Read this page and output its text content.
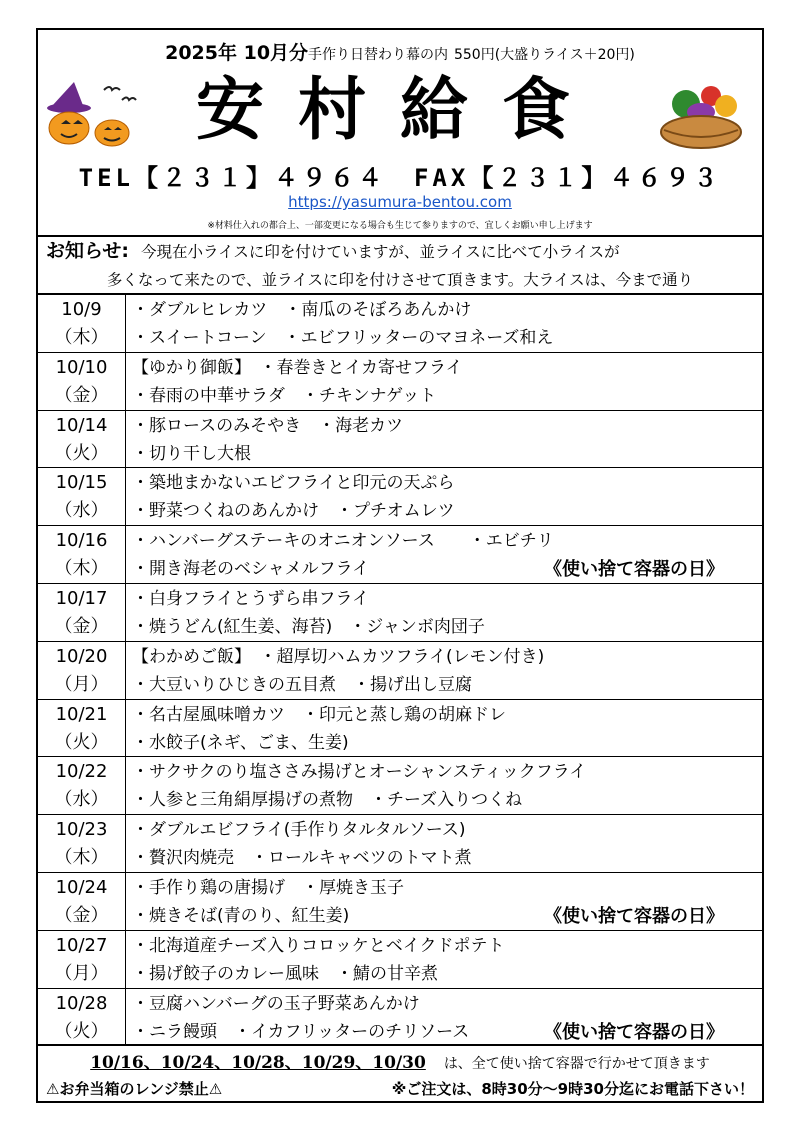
2025年 10月分手作り日替わり幕の内 550円(大盛りライス＋20円)
安村給食
TEL【２３１】４９６４　FAX【２３１】４６９３
https://yasumura-bentou.com
※材料仕入れの都合上、一部変更になる場合も生じて参りますので、宜しくお願い申し上げます
お知らせ: 今現在小ライスに印を付けていますが、並ライスに比べて小ライスが
多くなって来たので、並ライスに印を付けさせて頂きます。大ライスは、今まで通り
10/9
（木）
・ダブルヒレカツ　・南瓜のそぼろあんかけ
・スイートコーン　・エビフリッターのマヨネーズ和え
10/10
（金）
【ゆかり御飯】　・春巻きとイカ寄せフライ
・春雨の中華サラダ　・チキンナゲット
10/14
（火）
・豚ロースのみそやき　・海老カツ
・切り干し大根
10/15
（水）
・築地まかないエビフライと印元の天ぷら
・野菜つくねのあんかけ　・プチオムレツ
10/16
（木）
・ハンバーグステーキのオニオンソース　　・エビチリ
・開き海老のベシャメルフライ	《使い捨て容器の日》
10/17
（金）
・白身フライとうずら串フライ
・焼うどん(紅生姜、海苔)　・ジャンボ肉団子
10/20
（月）
【わかめご飯】　・超厚切ハムカツフライ(レモン付き)
・大豆いりひじきの五目煮　・揚げ出し豆腐
10/21
（火）
・名古屋風味噌カツ　・印元と蒸し鶏の胡麻ドレ
・水餃子(ネギ、ごま、生姜)
10/22
（水）
・サクサクのり塩ささみ揚げとオーシャンスティックフライ
・人参と三角絹厚揚げの煮物　・チーズ入りつくね
10/23
（木）
・ダブルエビフライ(手作りタルタルソース)
・贅沢肉焼売　・ロールキャベツのトマト煮
10/24
（金）
・手作り鶏の唐揚げ　・厚焼き玉子
・焼きそば(青のり、紅生姜)	《使い捨て容器の日》
10/27
（月）
・北海道産チーズ入りコロッケとベイクドポテト
・揚げ餃子のカレー風味　・鯖の甘辛煮
10/28
（火）
・豆腐ハンバーグの玉子野菜あんかけ
・ニラ饅頭　・イカフリッターのチリソース	《使い捨て容器の日》
10/16、10/24、10/28、10/29、10/30 は、全て使い捨て容器で行かせて頂きます
⚠お弁当箱のレンジ禁止⚠	※ご注文は、8時30分～9時30分迄にお電話下さい！
